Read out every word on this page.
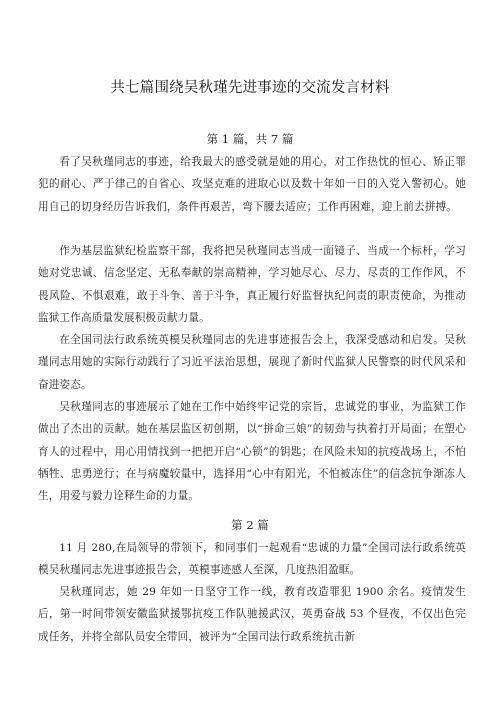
共七篇围绕吴秋瑾先进事迹的交流发言材料
第 1 篇，共 7 篇

看了吴秋瑾同志的事迹，给我最大的感受就是她的用心，对工作热忱的恒心、矫正罪犯的耐心、严于律己的自省心、攻坚克难的进取心以及数十年如一日的入党入警初心。她用自己的切身经历告诉我们，条件再艰苦，弯下腰去适应；工作再困难，迎上前去拼搏。

作为基层监狱纪检监察干部，我将把吴秋瑾同志当成一面镜子、当成一个标杆，学习她对党忠诚、信念坚定、无私奉献的崇高精神，学习她尽心、尽力、尽责的工作作风，不畏风险、不惧艰难，敢于斗争、善于斗争，真正履行好监督执纪问责的职责使命，为推动监狱工作高质量发展积极贡献力量。

在全国司法行政系统英模吴秋瑾同志的先进事迹报告会上，我深受感动和启发。吴秋瑾同志用她的实际行动践行了习近平法治思想，展现了新时代监狱人民警察的时代风采和奋进姿态。

吴秋瑾同志的事迹展示了她在工作中始终牢记党的宗旨，忠诚党的事业，为监狱工作做出了杰出的贡献。她在基层监区初创期，以“拼命三娘”的韧劲与执着打开局面；在塑心育人的过程中，用心用情找到一把把开启“心锁”的钥匙；在风险未知的抗疫战场上，不怕牺牲、忠勇逆行；在与病魔较量中，选择用“心中有阳光，不怕被冻住”的信念抗争渐冻人生，用爱与毅力诠释生命的力量。

第 2 篇

11 月 280,在局领导的带领下，和同事们一起观看“忠诚的力量”全国司法行政系统英模吴秋瑾同志先进事迹报告会，英模事迹感人至深，几度热泪盈眶。

吴秋瑾同志，她 29 年如一日坚守工作一线，教育改造罪犯 1900 余名。疫情发生后，第一时间带领安徽监狱援鄂抗疫工作队驰援武汉，英勇奋战 53 个昼夜，不仅出色完成任务，并将全部队员安全带回，被评为“全国司法行政系统抗击新
